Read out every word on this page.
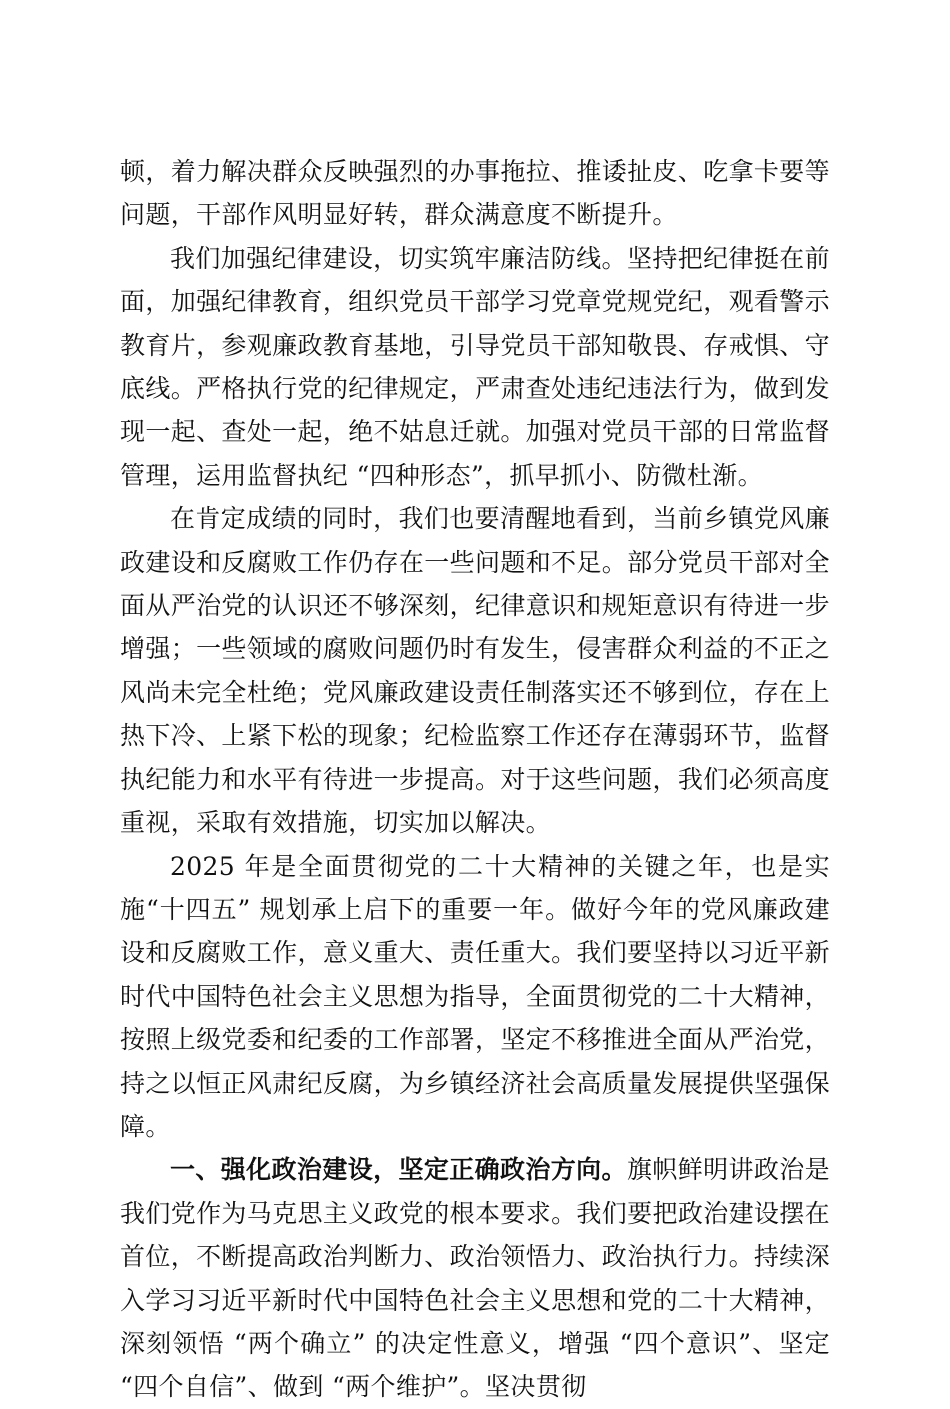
顿，着力解决群众反映强烈的办事拖拉、推诿扯皮、吃拿卡要等问题，干部作风明显好转，群众满意度不断提升。

我们加强纪律建设，切实筑牢廉洁防线。坚持把纪律挺在前面，加强纪律教育，组织党员干部学习党章党规党纪，观看警示教育片，参观廉政教育基地，引导党员干部知敬畏、存戒惧、守底线。严格执行党的纪律规定，严肃查处违纪违法行为，做到发现一起、查处一起，绝不姑息迁就。加强对党员干部的日常监督管理，运用监督执纪 “四种形态”，抓早抓小、防微杜渐。

在肯定成绩的同时，我们也要清醒地看到，当前乡镇党风廉政建设和反腐败工作仍存在一些问题和不足。部分党员干部对全面从严治党的认识还不够深刻，纪律意识和规矩意识有待进一步增强；一些领域的腐败问题仍时有发生，侵害群众利益的不正之风尚未完全杜绝；党风廉政建设责任制落实还不够到位，存在上热下冷、上紧下松的现象；纪检监察工作还存在薄弱环节，监督执纪能力和水平有待进一步提高。对于这些问题，我们必须高度重视，采取有效措施，切实加以解决。

2025 年是全面贯彻党的二十大精神的关键之年，也是实施“十四五” 规划承上启下的重要一年。做好今年的党风廉政建设和反腐败工作，意义重大、责任重大。我们要坚持以习近平新时代中国特色社会主义思想为指导，全面贯彻党的二十大精神，按照上级党委和纪委的工作部署，坚定不移推进全面从严治党，持之以恒正风肃纪反腐，为乡镇经济社会高质量发展提供坚强保障。

一、强化政治建设，坚定正确政治方向。旗帜鲜明讲政治是我们党作为马克思主义政党的根本要求。我们要把政治建设摆在首位，不断提高政治判断力、政治领悟力、政治执行力。持续深入学习习近平新时代中国特色社会主义思想和党的二十大精神，深刻领悟 “两个确立” 的决定性意义，增强 “四个意识”、坚定 “四个自信”、做到 “两个维护”。坚决贯彻
